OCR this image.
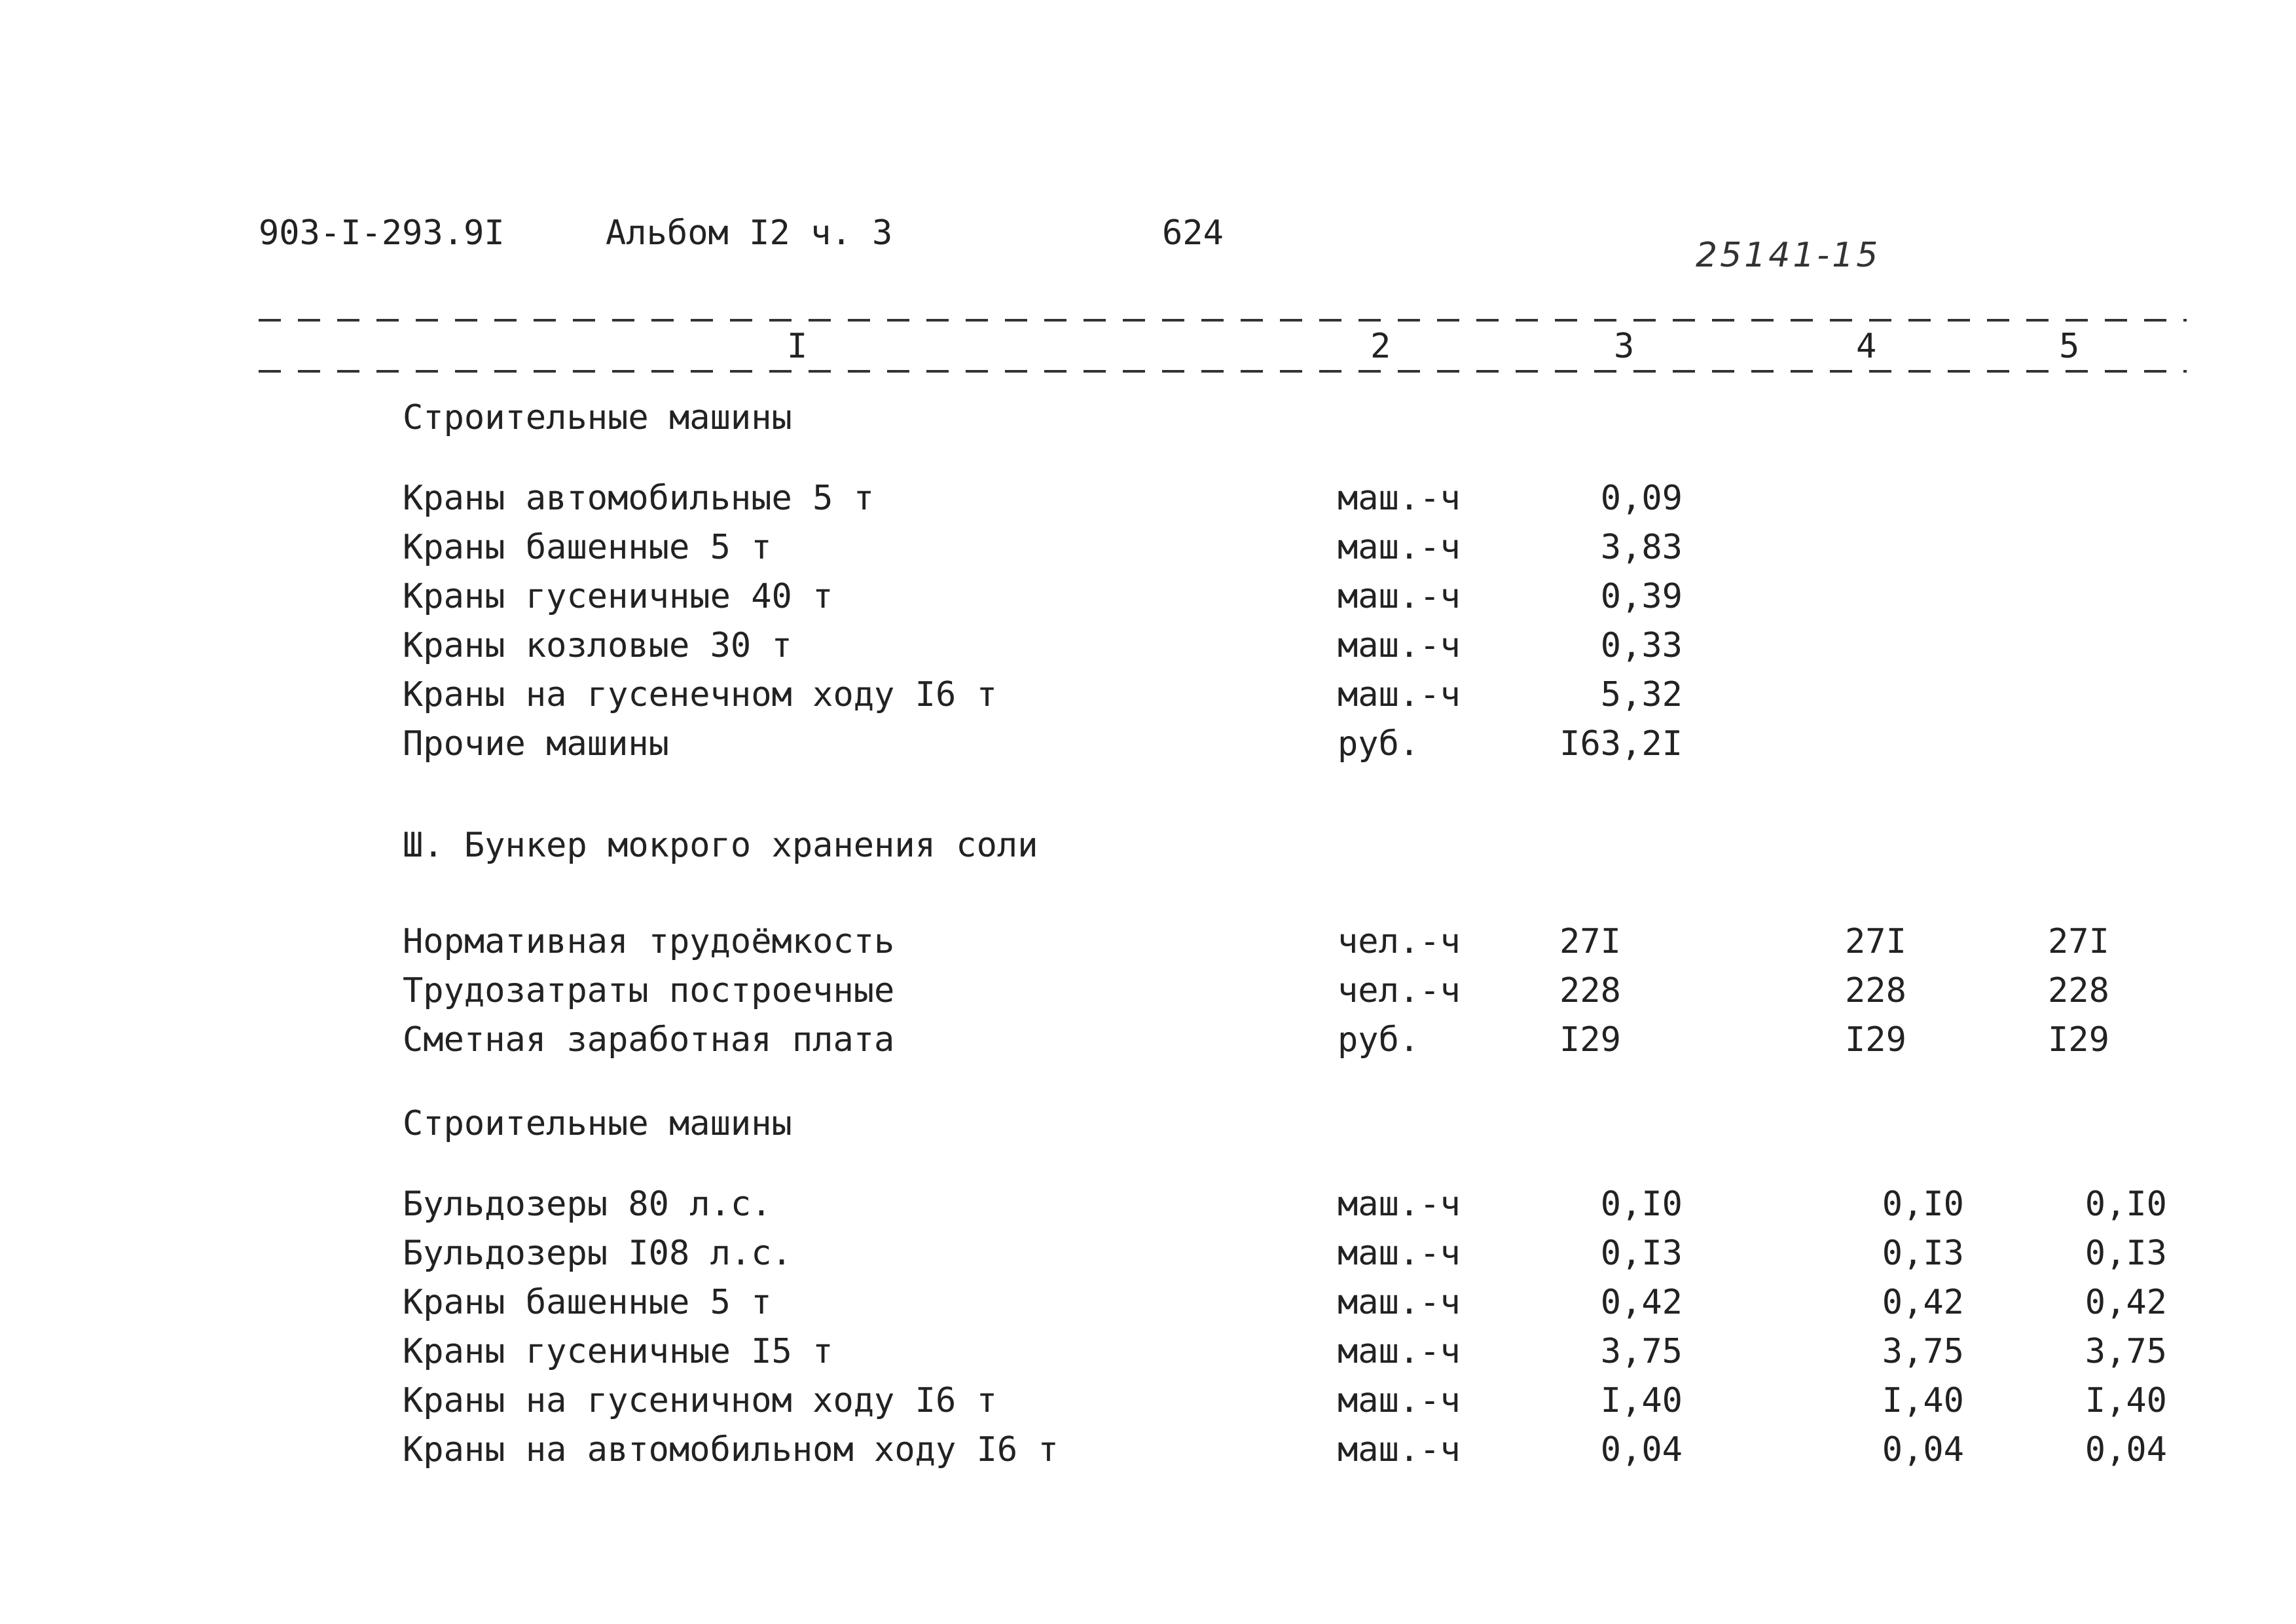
903-I-293.9I	Альбом I2 ч. 3	624
25141-15
I	2	3	4	5
Строительные машины
Краны автомобильные 5 т	маш.-ч	0,09
Краны башенные 5 т	маш.-ч	3,83
Краны гусеничные 40 т	маш.-ч	0,39
Краны козловые 30 т	маш.-ч	0,33
Краны на гусенечном ходу I6 т	маш.-ч	5,32
Прочие машины	руб.	I63,2I
Ш. Бункер мокрого хранения соли
Нормативная трудоёмкость	чел.-ч	27I	27I	27I
Трудозатраты построечные	чел.-ч	228	228	228
Сметная заработная плата	руб.	I29	I29	I29
Строительные машины
Бульдозеры 80 л.с.	маш.-ч	0,I0	0,I0	0,I0
Бульдозеры I08 л.с.	маш.-ч	0,I3	0,I3	0,I3
Краны башенные 5 т	маш.-ч	0,42	0,42	0,42
Краны гусеничные I5 т	маш.-ч	3,75	3,75	3,75
Краны на гусеничном ходу I6 т	маш.-ч	I,40	I,40	I,40
Краны на автомобильном ходу I6 т	маш.-ч	0,04	0,04	0,04
